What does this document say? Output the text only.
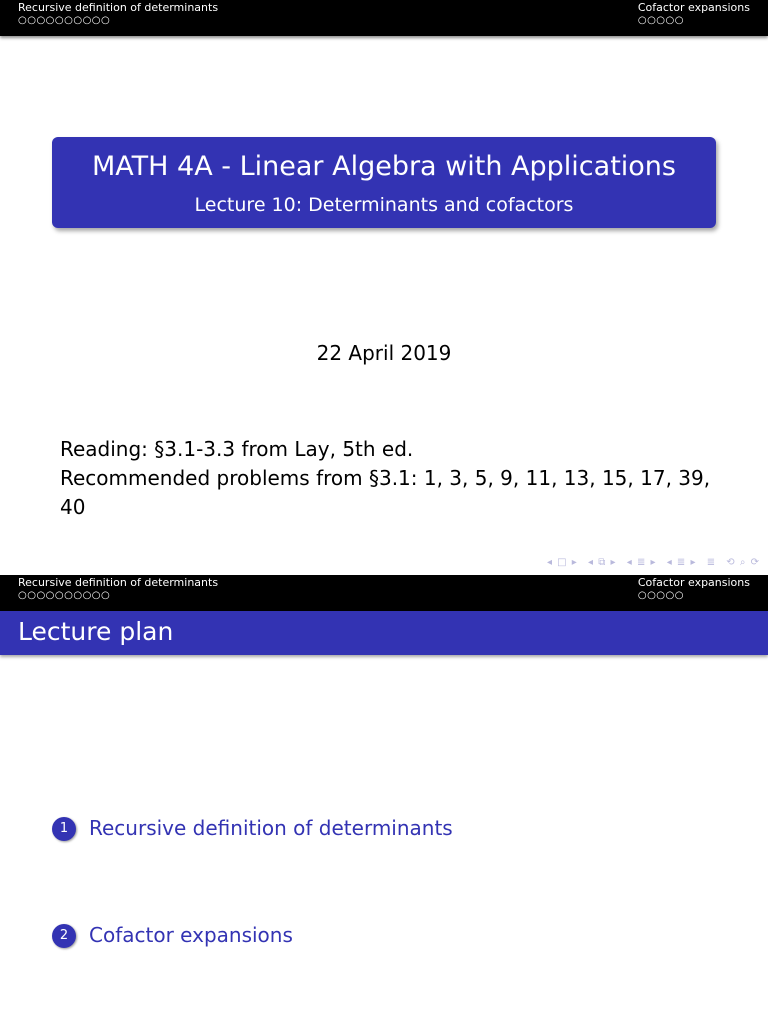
Recursive definition of determinants
○○○○○○○○○○
Cofactor expansions
○○○○○
MATH 4A - Linear Algebra with Applications
Lecture 10: Determinants and cofactors
22 April 2019
Reading: §3.1-3.3 from Lay, 5th ed.
Recommended problems from §3.1: 1, 3, 5, 9, 11, 13, 15, 17, 39, 40
◂ □ ▸ ◂ ⧉ ▸ ◂ ≣ ▸ ◂ ≣ ▸ ≣ ⟲ ⌕ ⟳
Recursive definition of determinants
○○○○○○○○○○
Cofactor expansions
○○○○○
Lecture plan
1	Recursive definition of determinants
2	Cofactor expansions
